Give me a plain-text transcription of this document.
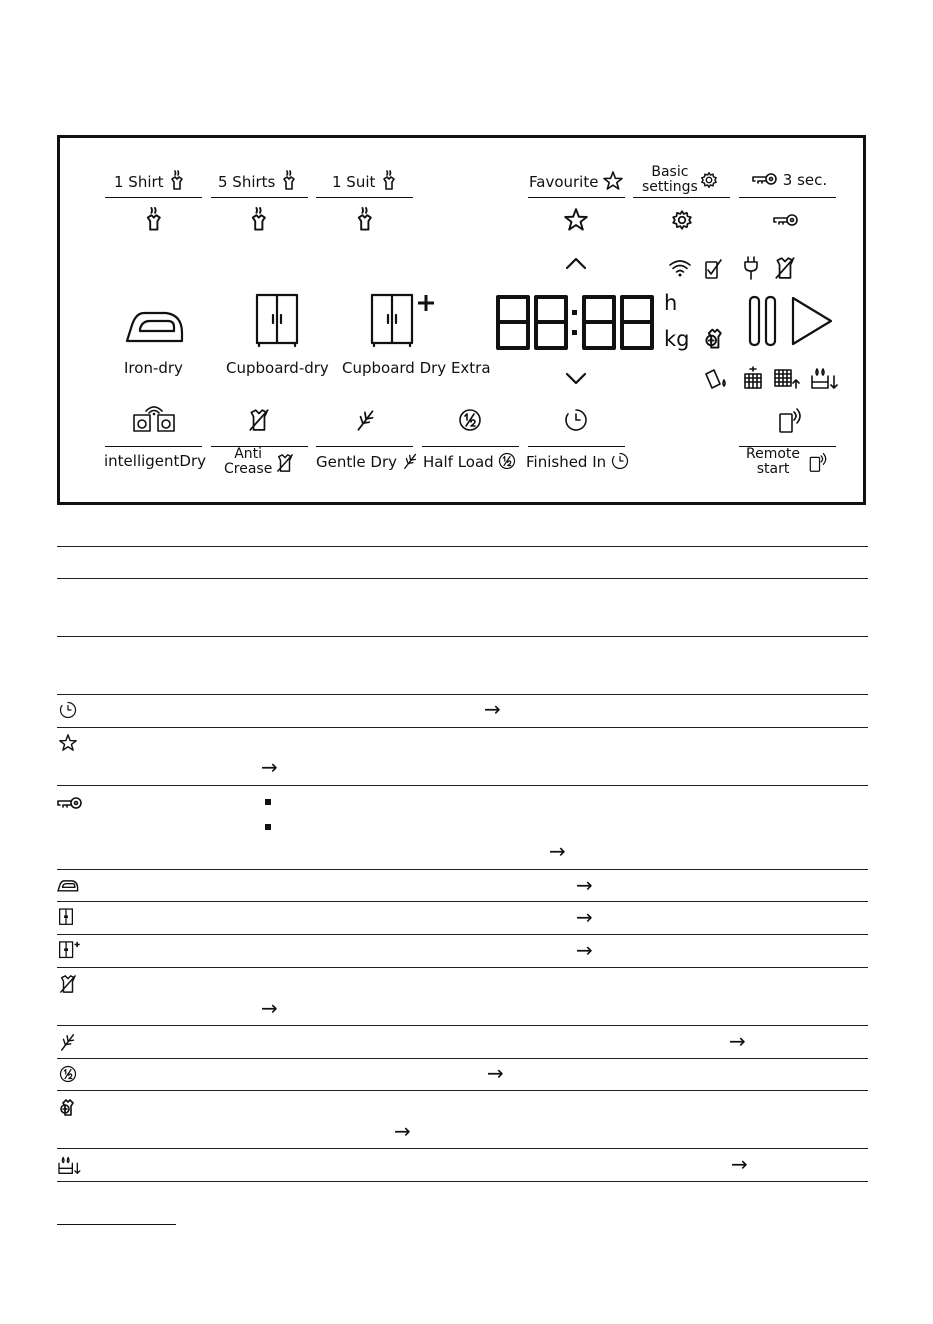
1 Shirt	5 Shirts	1 Suit	Favourite
Basic
settings	3 sec.
Iron-dry	Cupboard-dry Cupboard Dry Extra
h
kg
intelligentDry	Anti
Crease	Gentle Dry	Half Load	Finished In	Remote
start
→
→
→
→
→
→
→
→
→
→
→
